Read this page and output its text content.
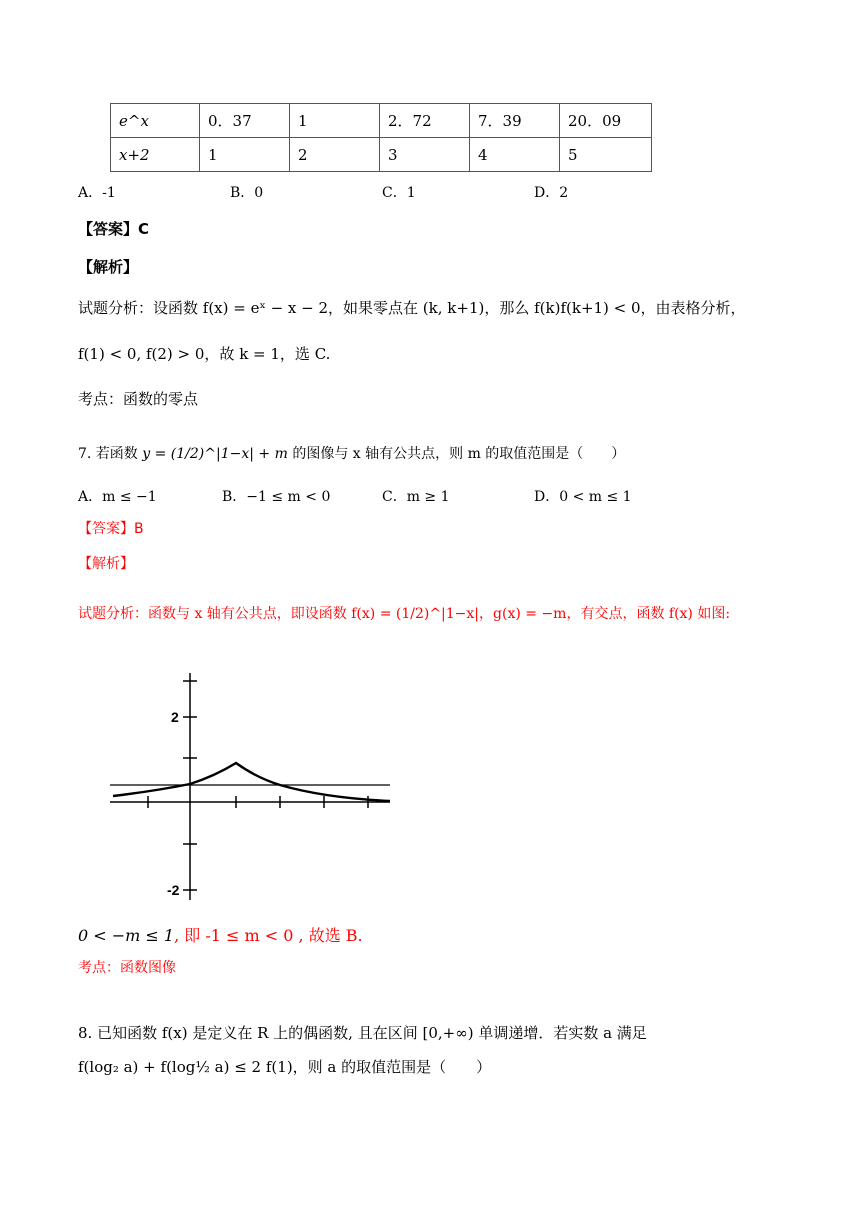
e^x	0．37	1	2．72	7．39	20．09
x+2	1	2	3	4	5
A．-1	B．0	C．1	D．2
【答案】C
【解析】
试题分析：设函数 f(x) = eˣ − x − 2，如果零点在 (k, k+1)，那么 f(k)f(k+1) < 0，由表格分析，
f(1) < 0, f(2) > 0，故 k = 1，选 C.
考点：函数的零点
7. 若函数 y = (1/2)^|1−x| + m 的图像与 x 轴有公共点，则 m 的取值范围是（　　）
A．m ≤ −1	B．−1 ≤ m < 0	C．m ≥ 1	D．0 < m ≤ 1
【答案】B
【解析】
试题分析：函数与 x 轴有公共点，即设函数 f(x) = (1/2)^|1−x|，g(x) = −m，有交点，函数 f(x) 如图:
2
-2
0 < −m ≤ 1, 即 -1 ≤ m < 0 , 故选 B.
考点：函数图像
8. 已知函数 f(x) 是定义在 R 上的偶函数, 且在区间 [0,+∞) 单调递增．若实数 a 满足
f(log₂ a) + f(log½ a) ≤ 2 f(1)，则 a 的取值范围是（　　）
